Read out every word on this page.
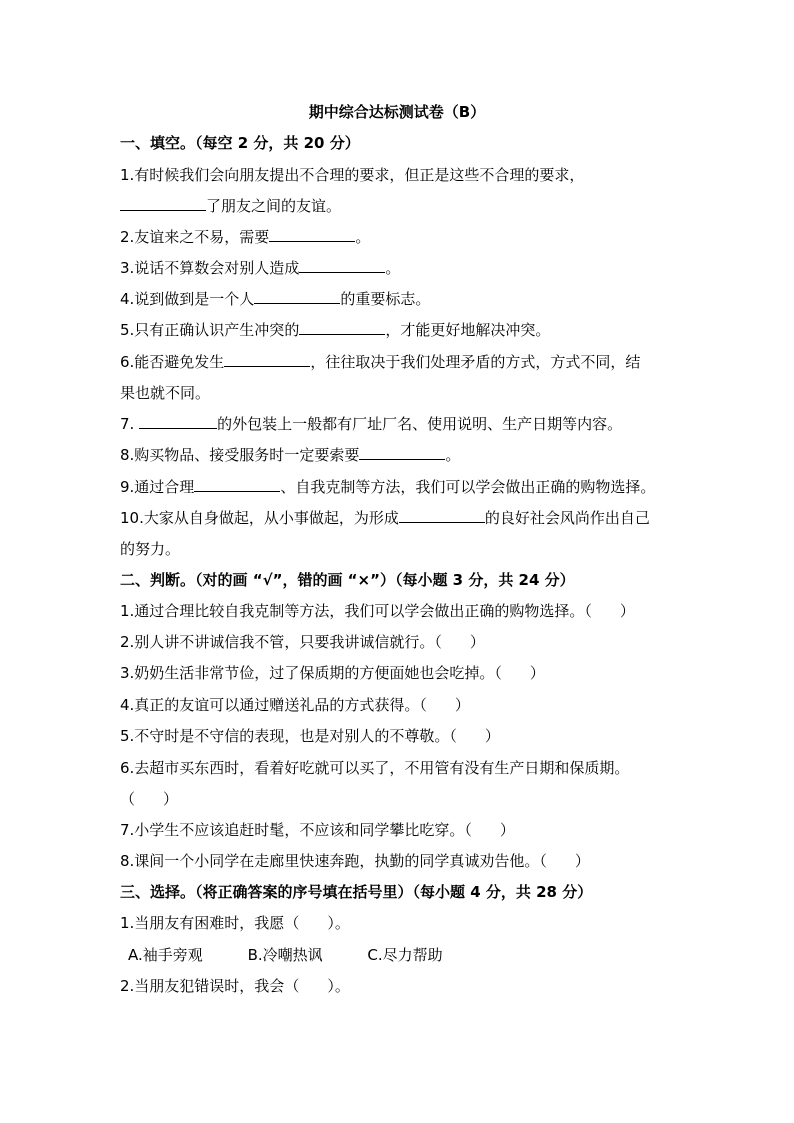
期中综合达标测试卷（B）
一、填空。（每空 2 分，共 20 分）
1.有时候我们会向朋友提出不合理的要求，但正是这些不合理的要求，
了朋友之间的友谊。
2.友谊来之不易，需要	。
3.说话不算数会对别人造成	。
4.说到做到是一个人	的重要标志。
5.只有正确认识产生冲突的	，才能更好地解决冲突。
6.能否避免发生	，往往取决于我们处理矛盾的方式，方式不同，结
果也就不同。
7.	的外包装上一般都有厂址厂名、使用说明、生产日期等内容。
8.购买物品、接受服务时一定要索要	。
9.通过合理	、自我克制等方法，我们可以学会做出正确的购物选择。
10.大家从自身做起，从小事做起，为形成	的良好社会风尚作出自己
的努力。
二、判断。（对的画 “√”，错的画 “×”）（每小题 3 分，共 24 分）
1.通过合理比较自我克制等方法，我们可以学会做出正确的购物选择。（ ）
2.别人讲不讲诚信我不管，只要我讲诚信就行。（ ）
3.奶奶生活非常节俭，过了保质期的方便面她也会吃掉。（ ）
4.真正的友谊可以通过赠送礼品的方式获得。（ ）
5.不守时是不守信的表现，也是对别人的不尊敬。（ ）
6.去超市买东西时，看着好吃就可以买了，不用管有没有生产日期和保质期。
（ ）
7.小学生不应该追赶时髦，不应该和同学攀比吃穿。（ ）
8.课间一个小同学在走廊里快速奔跑，执勤的同学真诚劝告他。（ ）
三、选择。（将正确答案的序号填在括号里）（每小题 4 分，共 28 分）
1.当朋友有困难时，我愿（ ）。
A.袖手旁观	B.冷嘲热讽	C.尽力帮助
2.当朋友犯错误时，我会（ ）。
